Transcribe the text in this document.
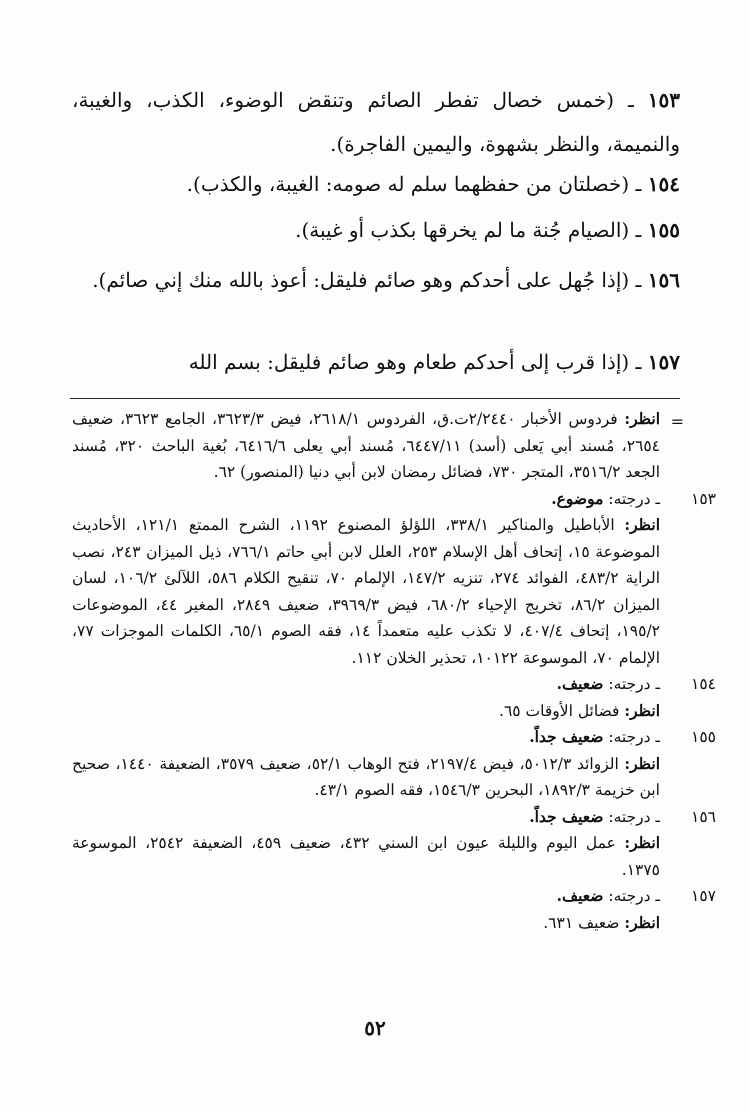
١٥٣ ـ (خمس خصال تفطر الصائم وتنقض الوضوء، الكذب، والغيبة، والنميمة، والنظر بشهوة، واليمين الفاجرة).

١٥٤ ـ (خصلتان من حفظهما سلم له صومه: الغيبة، والكذب).

١٥٥ ـ (الصيام جُنة ما لم يخرقها بكذب أو غيبة).

١٥٦ ـ (إذا جُهل على أحدكم وهو صائم فليقل: أعوذ بالله منك إني صائم).

١٥٧ ـ (إذا قرب إلى أحدكم طعام وهو صائم فليقل: بسم الله

=

انظر: فردوس الأخبار ٢/٢٤٤٠ت.ق، الفردوس ٢٦١٨/١، فيض ٣٦٢٣/٣، الجامع ٣٦٢٣، ضعيف ٢٦٥٤، مُسند أبي يَعلى (أسد) ٦٤٤٧/١١، مُسند أبي يعلى ٦٤١٦/٦، بُغية الباحث ٣٢٠، مُسند الجعد ٣٥١٦/٢، المتجر ٧٣٠، فضائل رمضان لابن أبي دنيا (المنصور) ٦٢.

١٥٣
ـ درجته: موضوع.

انظر: الأباطيل والمناكير ٣٣٨/١، اللؤلؤ المصنوع ١١٩٢، الشرح الممتع ١٢١/١، الأحاديث الموضوعة ١٥، إتحاف أهل الإسلام ٢٥٣، العلل لابن أبي حاتم ٧٦٦/١، ذيل الميزان ٢٤٣، نصب الراية ٤٨٣/٢، الفوائد ٢٧٤، تنزيه ١٤٧/٢، الإلمام ٧٠، تنقيح الكلام ٥٨٦، اللآلئ ١٠٦/٢، لسان الميزان ٨٦/٢، تخريج الإحياء ٦٨٠/٢، فيض ٣٩٦٩/٣، ضعيف ٢٨٤٩، المغير ٤٤، الموضوعات ١٩٥/٢، إتحاف ٤٠٧/٤، لا تكذب عليه متعمداً ١٤، فقه الصوم ٦٥/١، الكلمات الموجزات ٧٧، الإلمام ٧٠، الموسوعة ١٠١٢٢، تحذير الخلان ١١٢.

١٥٤
ـ درجته: ضعيف.

انظر: فضائل الأوقات ٦٥.

١٥٥
ـ درجته: ضعيف جداً.

انظر: الزوائد ٥٠١٢/٣، فيض ٢١٩٧/٤، فتح الوهاب ٥٢/١، ضعيف ٣٥٧٩، الضعيفة ١٤٤٠، صحيح ابن خزيمة ١٨٩٢/٣، البحرين ١٥٤٦/٣، فقه الصوم ٤٣/١.

١٥٦
ـ درجته: ضعيف جداً.

انظر: عمل اليوم والليلة عيون ابن السني ٤٣٢، ضعيف ٤٥٩، الضعيفة ٢٥٤٢، الموسوعة ١٣٧٥.

١٥٧
ـ درجته: ضعيف.

انظر: ضعيف ٦٣١.

٥٢
